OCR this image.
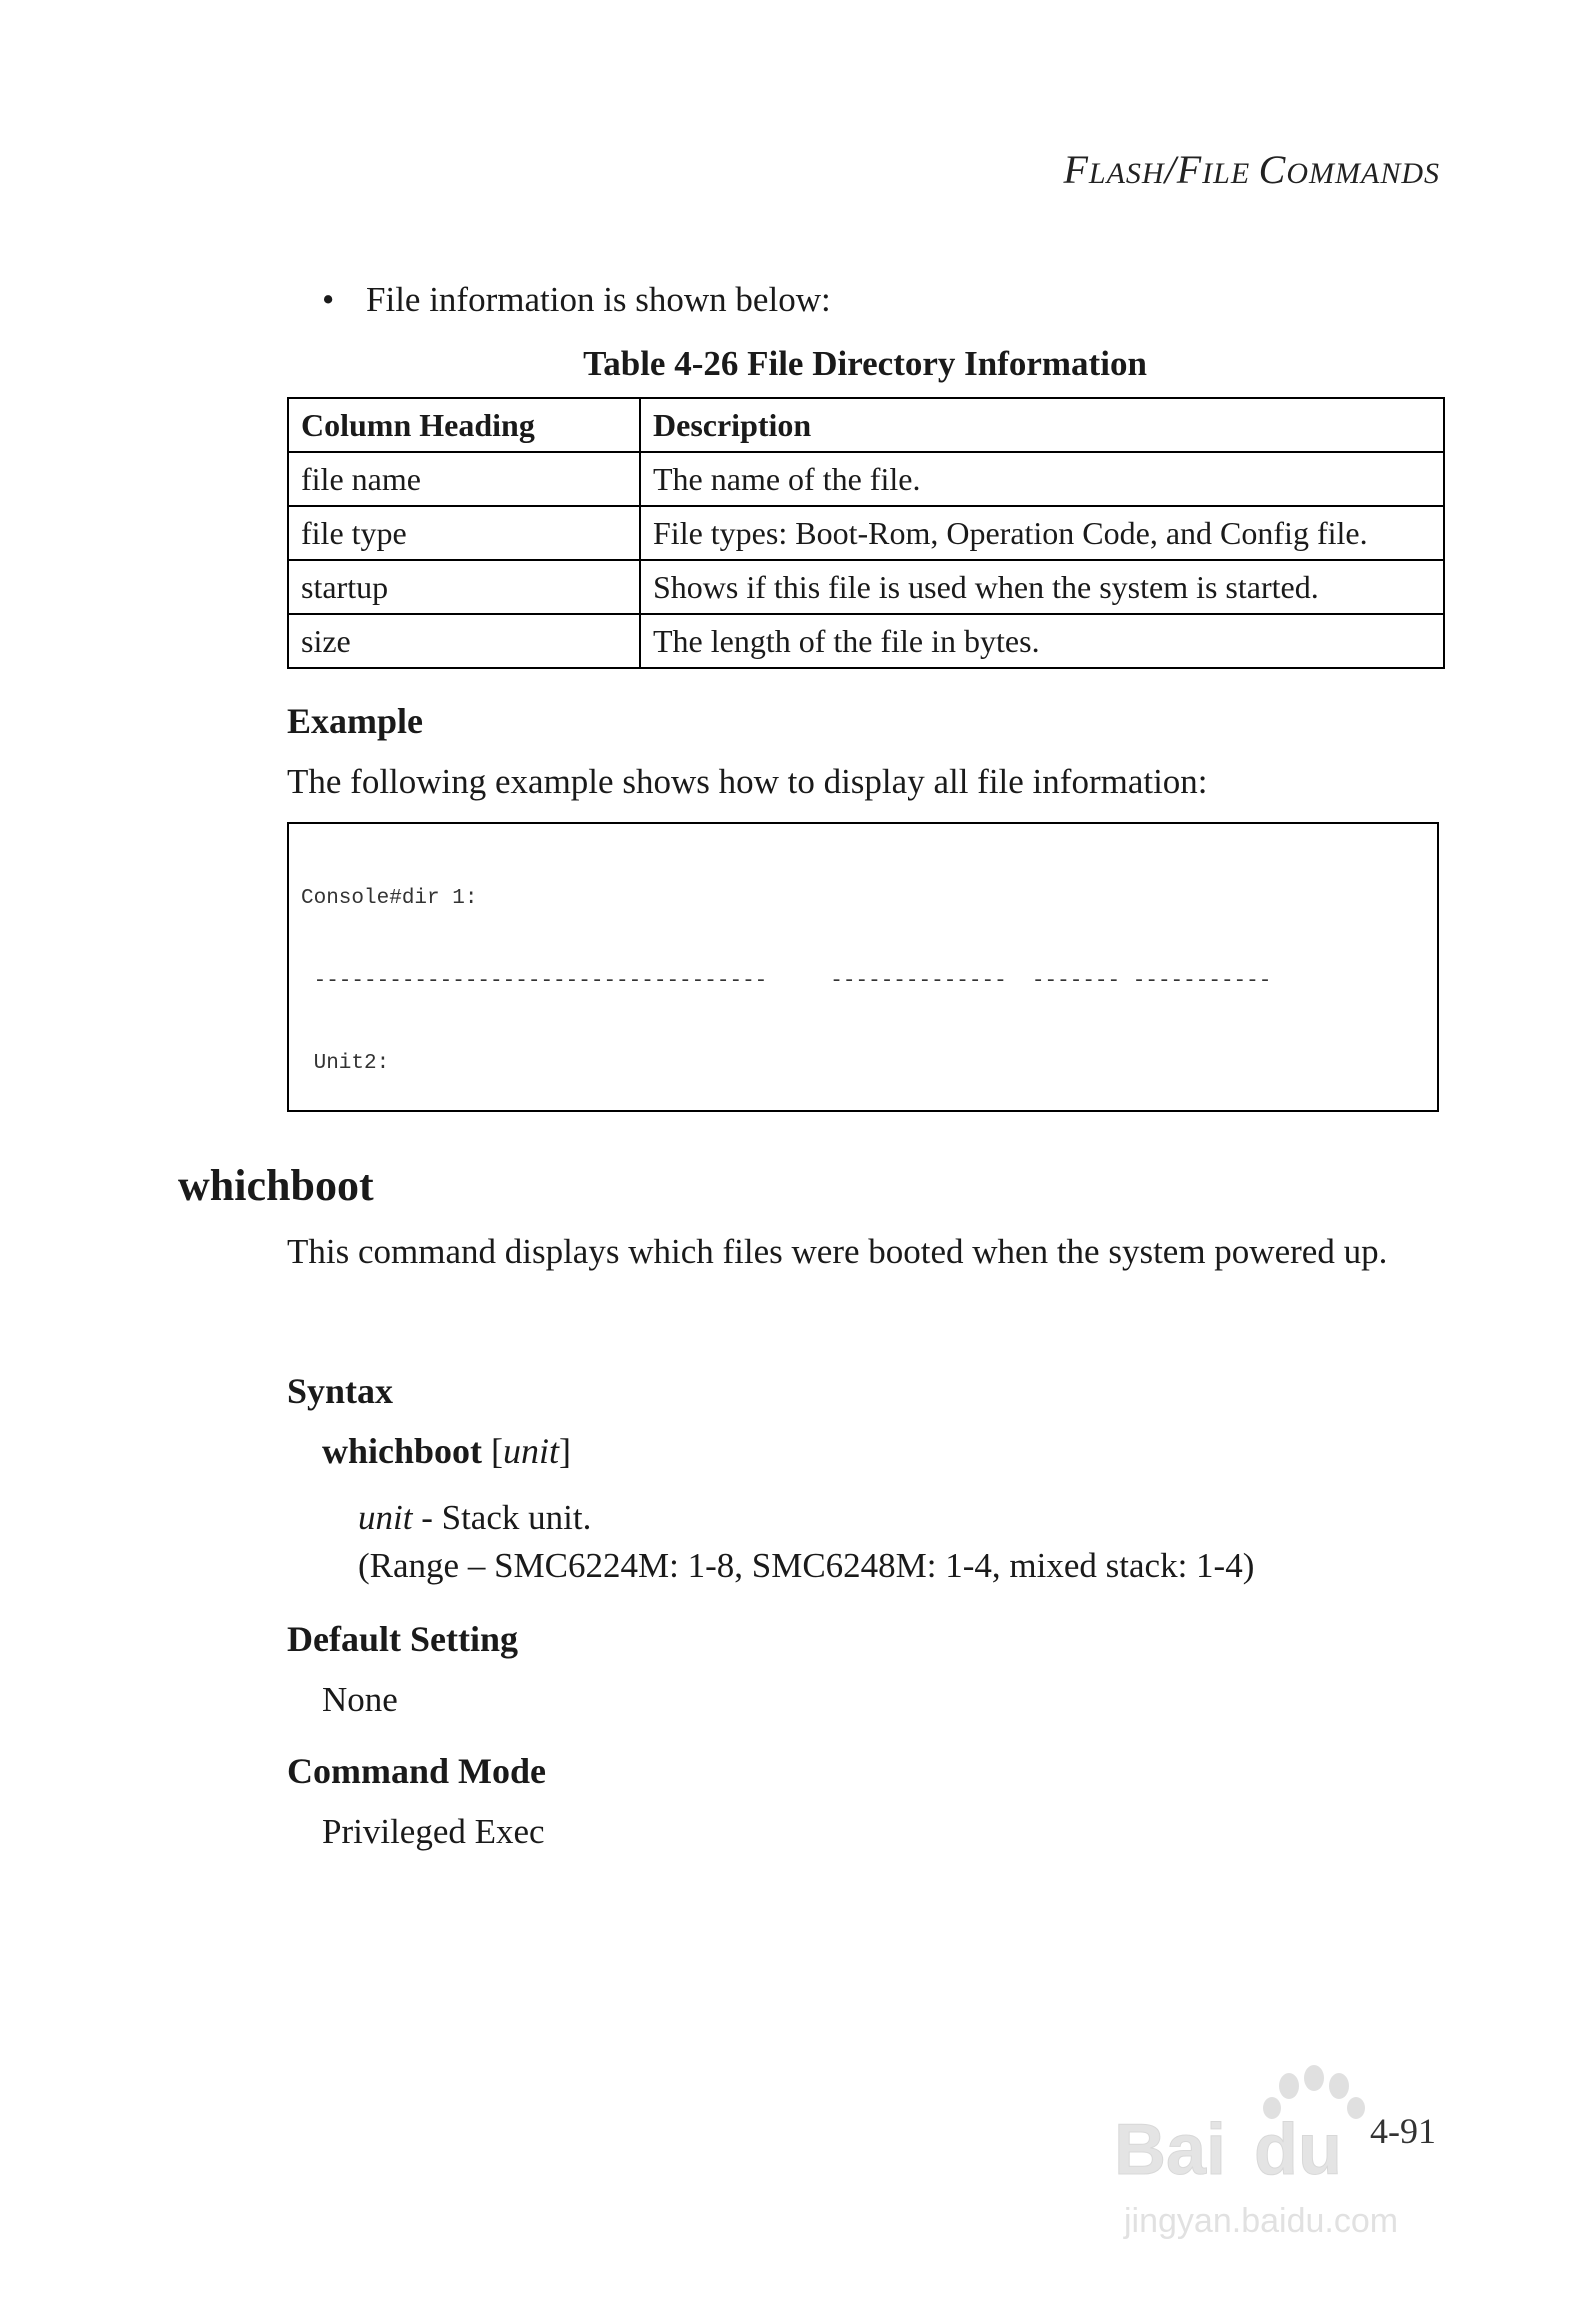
FLASH/FILE COMMANDS
• File information is shown below:
Table 4-26 File Directory Information
Column Heading	Description
file name	The name of the file.
file type	File types: Boot-Rom, Operation Code, and Config file.
startup	Shows if this file is used when the system is started.
size	The length of the file in bytes.
Example
The following example shows how to display all file information:

Console#dir 1:

------------------------------------     --------------  ------- -----------

Unit2:

whichboot
This command displays which files were booted when the system powered up.
Syntax
whichboot [unit]
unit - Stack unit.
(Range – SMC6224M: 1-8, SMC6248M: 1-4, mixed stack: 1-4)
Default Setting
None
Command Mode
Privileged Exec
4-91
Bai du
jingyan.baidu.com
